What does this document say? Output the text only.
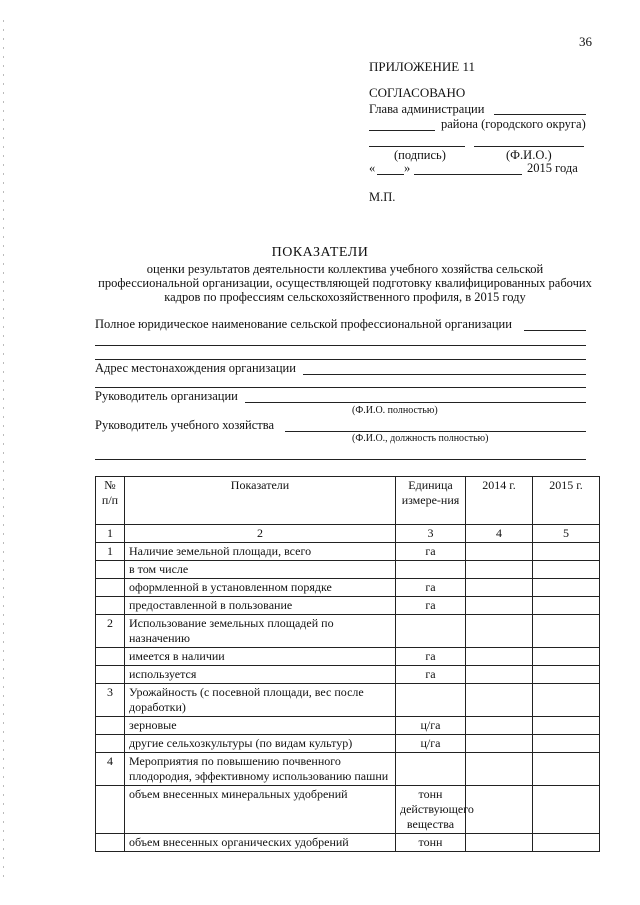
36
ПРИЛОЖЕНИЕ 11
СОГЛАСОВАНО
Глава администрации
района (городского округа)
(подпись)	(Ф.И.О.)
« »	2015 года
М.П.
ПОКАЗАТЕЛИ
оценки результатов деятельности коллектива учебного хозяйства сельской профессиональной организации, осуществляющей подготовку квалифицированных рабочих кадров по профессиям сельскохозяйственного профиля, в 2015 году
Полное юридическое наименование сельской профессиональной организации
Адрес местонахождения организации
Руководитель организации
(Ф.И.О. полностью)
Руководитель учебного хозяйства
(Ф.И.О., должность полностью)
№ п/п	Показатели	Единица измере-ния	2014 г.	2015 г.
1	2	3	4	5
1	Наличие земельной площади, всего	га		
	в том числе			
	оформленной в установленном порядке	га		
	предоставленной в пользование	га		
2	Использование земельных площадей по назначению			
	имеется в наличии	га		
	используется	га		
3	Урожайность (с посевной площади, вес после доработки)			
	зерновые	ц/га		
	другие сельхозкультуры (по видам культур)	ц/га		
4	Мероприятия по повышению почвенного плодородия, эффективному использованию пашни			
	объем внесенных минеральных удобрений	тонн действующего вещества		
	объем внесенных органических удобрений	тонн		
